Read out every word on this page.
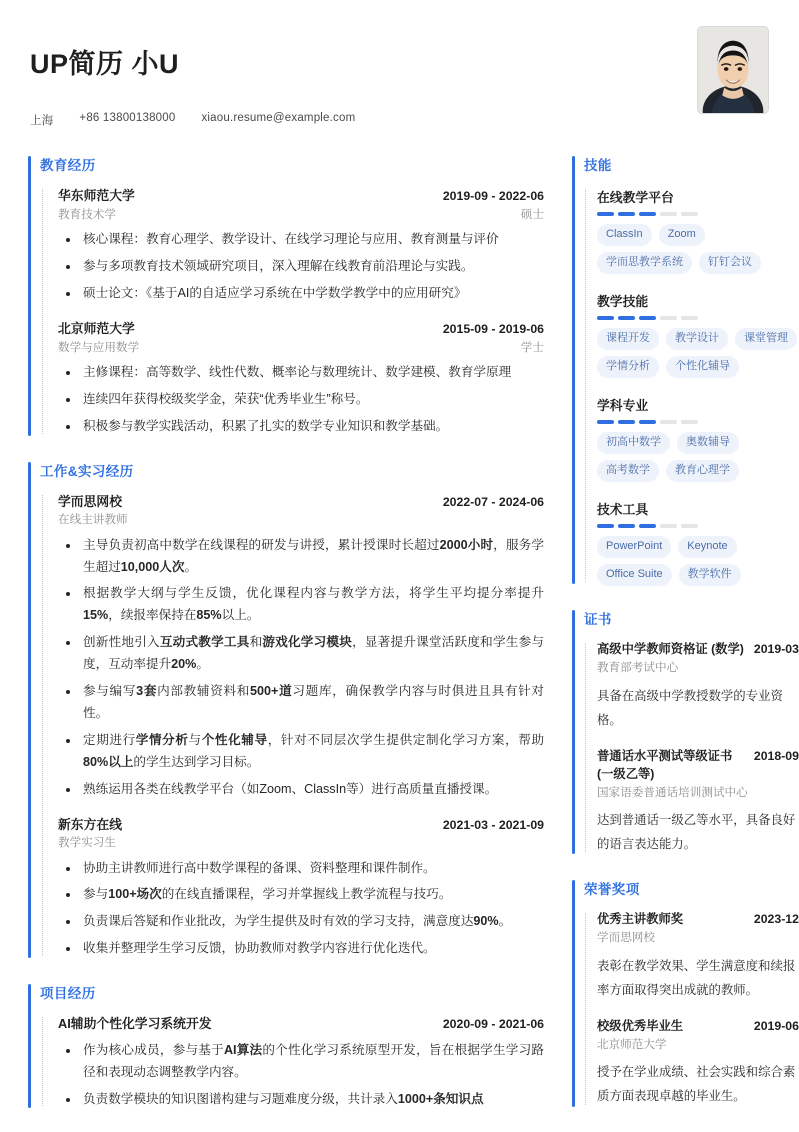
UP简历 小U
上海 +86 13800138000 xiaou.resume@example.com
教育经历
华东师范大学	2019-09 - 2022-06
教育技术学	硕士
核心课程：教育心理学、教学设计、在线学习理论与应用、教育测量与评价
参与多项教育技术领域研究项目，深入理解在线教育前沿理论与实践。
硕士论文：《基于AI的自适应学习系统在中学数学教学中的应用研究》
北京师范大学	2015-09 - 2019-06
数学与应用数学	学士
主修课程：高等数学、线性代数、概率论与数理统计、数学建模、教育学原理
连续四年获得校级奖学金，荣获“优秀毕业生”称号。
积极参与教学实践活动，积累了扎实的数学专业知识和教学基础。
工作&实习经历
学而思网校	2022-07 - 2024-06
在线主讲教师
主导负责初高中数学在线课程的研发与讲授，累计授课时长超过2000小时，服务学生超过10,000人次。
根据教学大纲与学生反馈，优化课程内容与教学方法，将学生平均提分率提升15%，续报率保持在85%以上。
创新性地引入互动式教学工具和游戏化学习模块，显著提升课堂活跃度和学生参与度，互动率提升20%。
参与编写3套内部教辅资料和500+道习题库，确保教学内容与时俱进且具有针对性。
定期进行学情分析与个性化辅导，针对不同层次学生提供定制化学习方案，帮助80%以上的学生达到学习目标。
熟练运用各类在线教学平台（如Zoom、ClassIn等）进行高质量直播授课。
新东方在线	2021-03 - 2021-09
教学实习生
协助主讲教师进行高中数学课程的备课、资料整理和课件制作。
参与100+场次的在线直播课程，学习并掌握线上教学流程与技巧。
负责课后答疑和作业批改，为学生提供及时有效的学习支持，满意度达90%。
收集并整理学生学习反馈，协助教师对教学内容进行优化迭代。
项目经历
AI辅助个性化学习系统开发	2020-09 - 2021-06
作为核心成员，参与基于AI算法的个性化学习系统原型开发，旨在根据学生学习路径和表现动态调整教学内容。
负责数学模块的知识图谱构建与习题难度分级，共计录入1000+条知识点
技能
在线教学平台
ClassIn	Zoom
学而思教学系统	钉钉会议
教学技能
课程开发	教学设计	课堂管理
学情分析	个性化辅导
学科专业
初高中数学	奥数辅导
高考数学	教育心理学
技术工具
PowerPoint	Keynote
Office Suite	教学软件
证书
高级中学教师资格证 (数学) 2019-03
教育部考试中心
具备在高级中学教授数学的专业资格。
普通话水平测试等级证书 (一级乙等)
2018-09
国家语委普通话培训测试中心
达到普通话一级乙等水平，具备良好的语言表达能力。
荣誉奖项
优秀主讲教师奖	2023-12
学而思网校
表彰在教学效果、学生满意度和续报率方面取得突出成就的教师。
校级优秀毕业生	2019-06
北京师范大学
授予在学业成绩、社会实践和综合素质方面表现卓越的毕业生。
